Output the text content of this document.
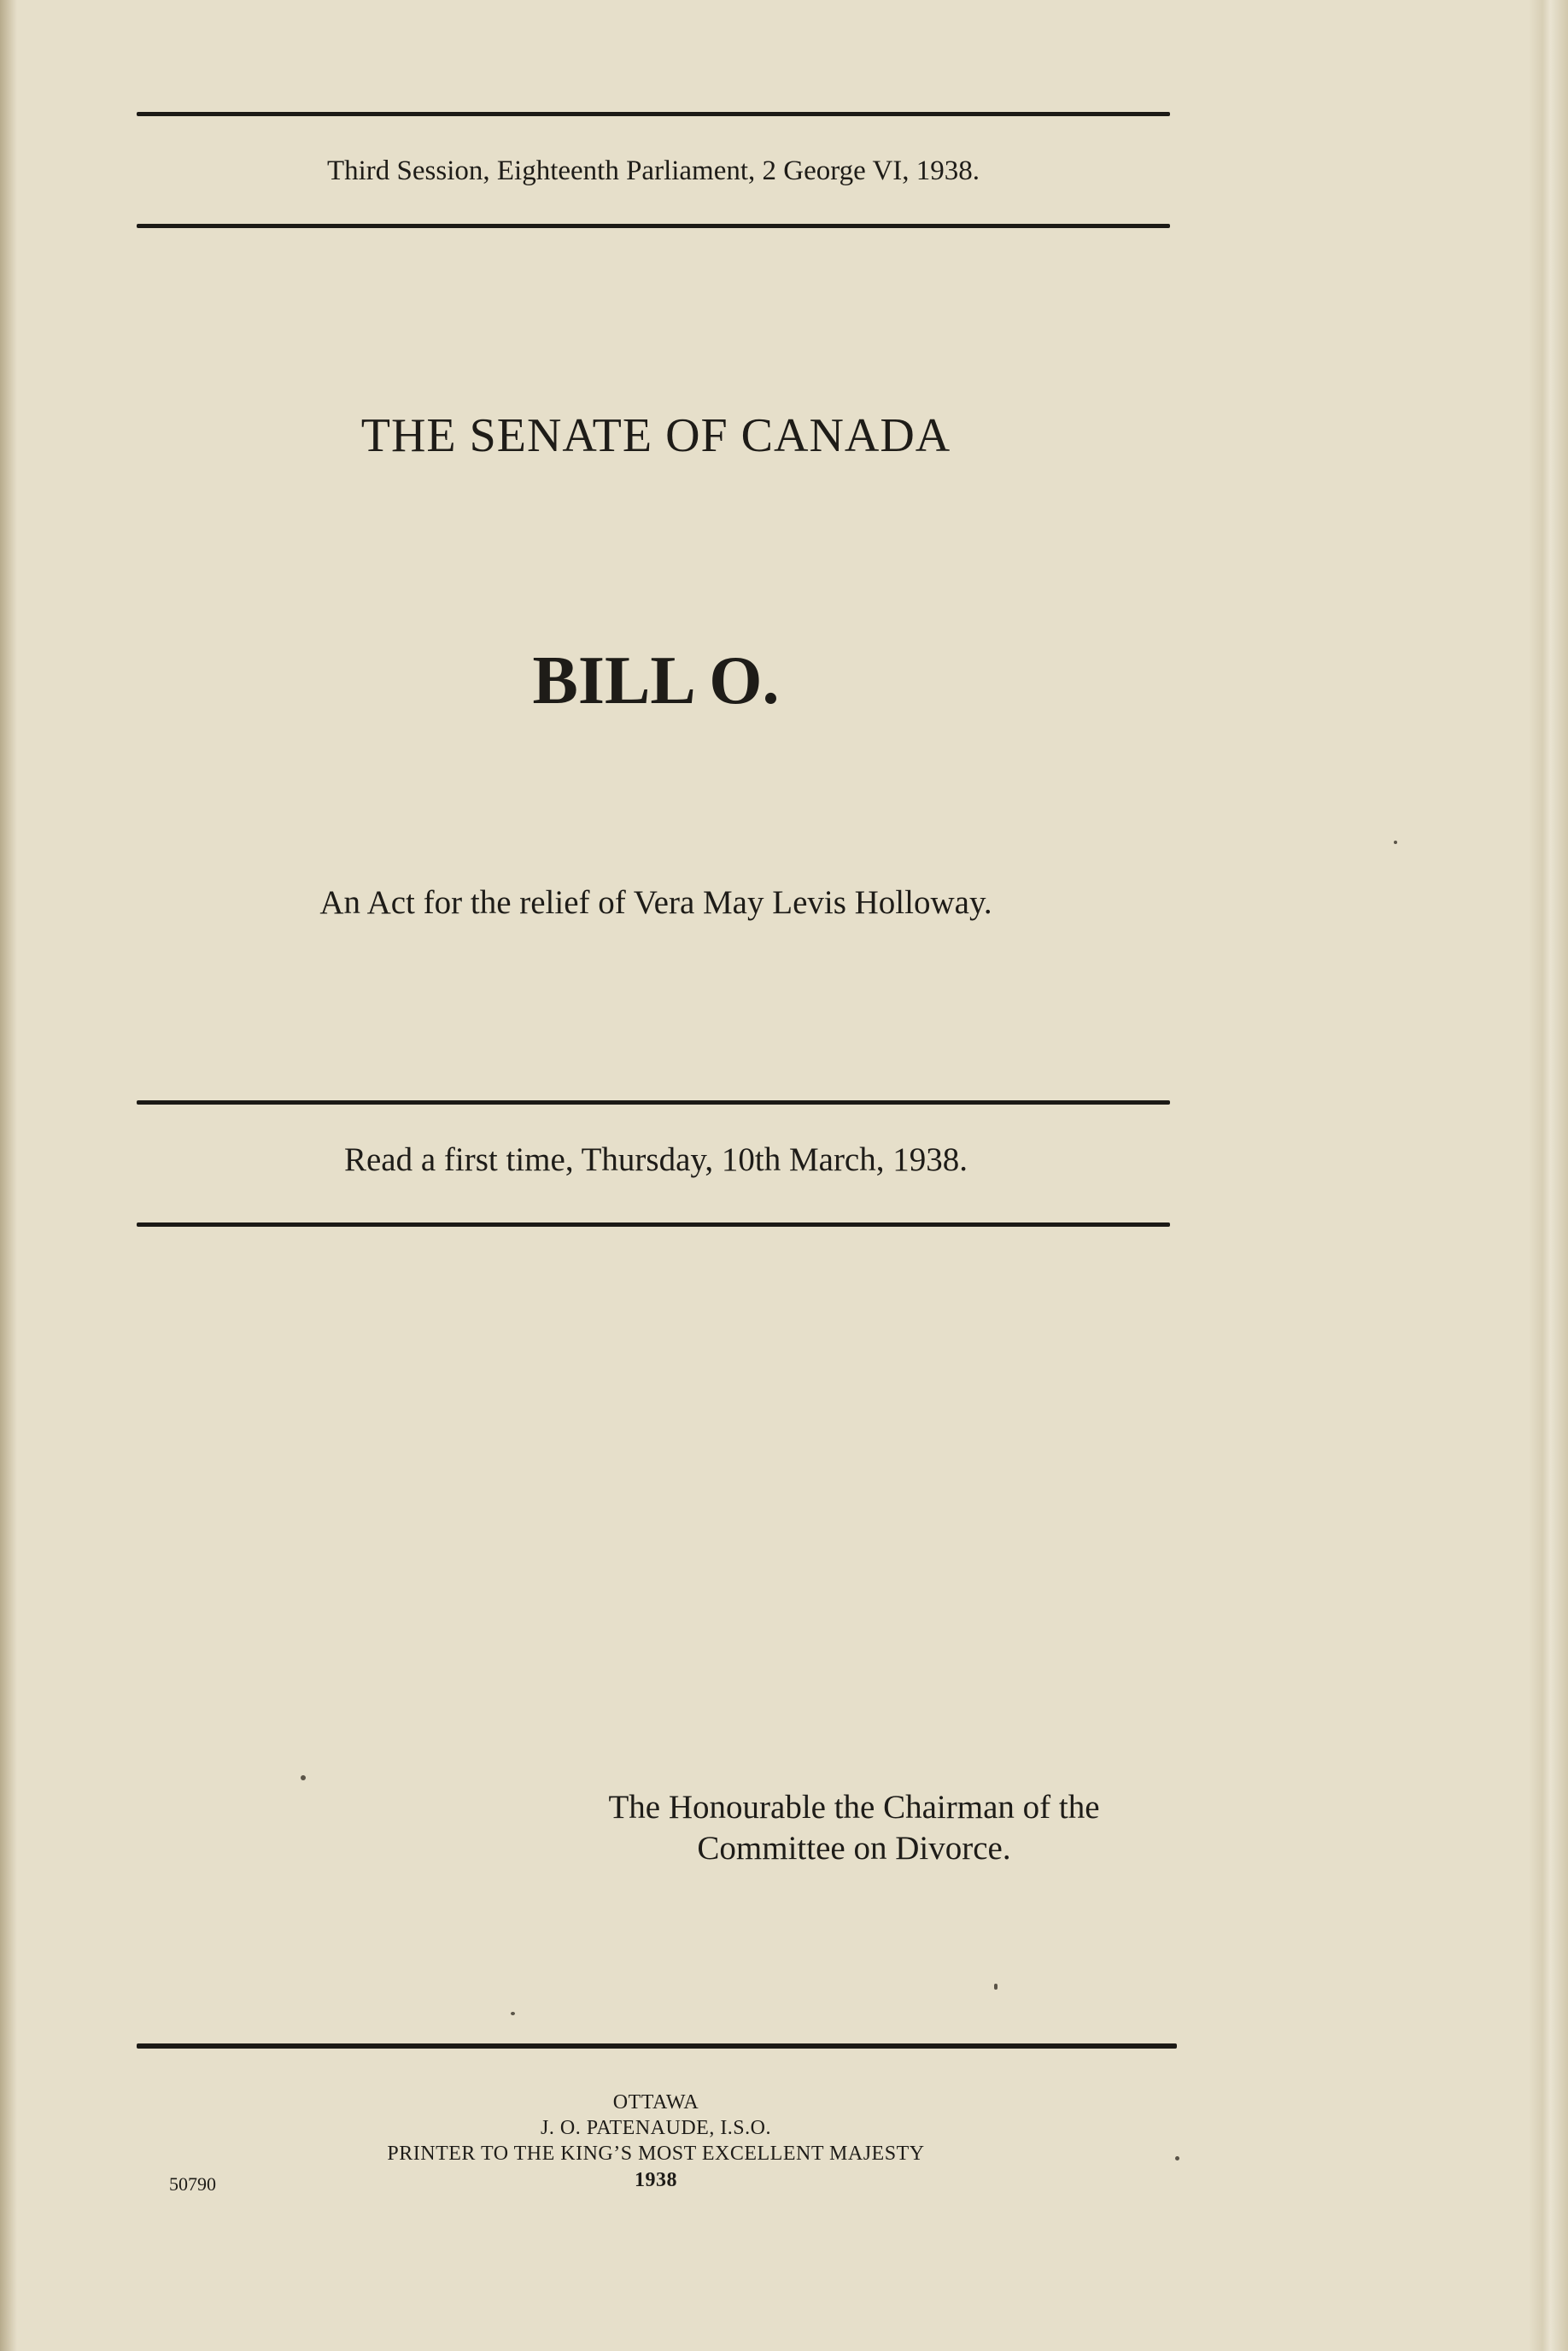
Third Session, Eighteenth Parliament, 2 George VI, 1938.
THE SENATE OF CANADA
BILL O.
An Act for the relief of Vera May Levis Holloway.
Read a first time, Thursday, 10th March, 1938.
The Honourable the Chairman of the
Committee on Divorce.
OTTAWA
J. O. PATENAUDE, I.S.O.
PRINTER TO THE KING’S MOST EXCELLENT MAJESTY
1938
50790
